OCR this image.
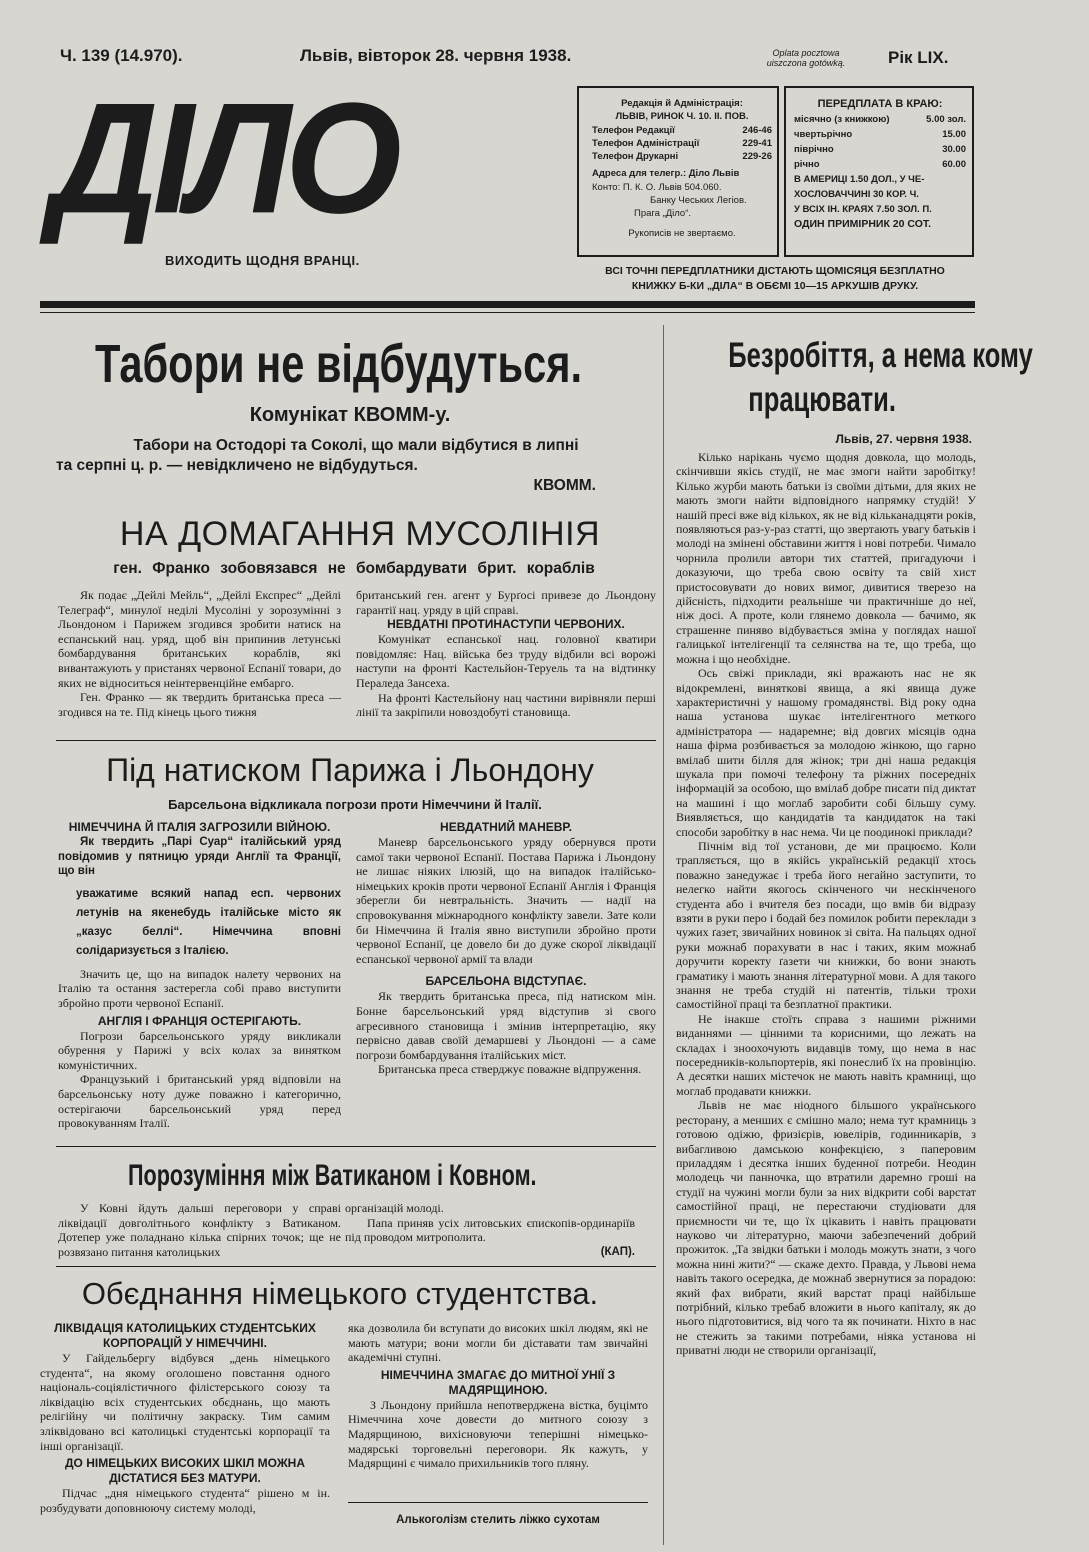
Ч. 139 (14.970).	Львів, вівторок 28. червня 1938.	Oplata pocztowa
uiszczona gotówką.	Рік LIX.
ДІЛО
ВИХОДИТЬ ЩОДНЯ ВРАНЦІ.
Редакція й Адміністрація:
ЛЬВІВ, РИНОК Ч. 10. II. ПОВ.
Телефон Редакції	246-46
Телефон Адміністрації	229-41
Телефон Друкарні	229-26
Адреса для телегр.: Діло Львів
Конто: П. К. О. Львів 504.060.
Банку Чеських Легіов.
Прага „Діло“.
Рукописів не звертаємо.
ПЕРЕДПЛАТА В КРАЮ:
місячно (з книжкою)	5.00 зол.
чвертьрічно	15.00
піврічно	30.00
річно	60.00
В АМЕРИЦІ 1.50 ДОЛ., У ЧЕ-
ХОСЛОВАЧЧИНІ 30 КОР. Ч.
У ВСІХ ІН. КРАЯХ 7.50 ЗОЛ. П.
ОДИН ПРИМІРНИК 20 СОТ.
ВСІ ТОЧНІ ПЕРЕДПЛАТНИКИ ДІСТАЮТЬ ЩОМІСЯЦЯ БЕЗПЛАТНО
КНИЖКУ Б-КИ „ДІЛА“ В ОБЄМІ 10—15 АРКУШІВ ДРУКУ.
Табори не відбудуться.
Комунікат КВОММ-у.
Табори на Остодорі та Соколі, що мали відбутися в липні
та серпні ц. р. — невідкличено не відбудуться.
КВОММ.
НА ДОМАГАННЯ МУСОЛІНІЯ
ген. Франко зобовязався не бомбардувати брит. кораблів

Як подає „Дейлі Мейль“, „Дейлі Експрес“ „Дейлі Телеграф“, минулої неділі Мусоліні у зорозумінні з Льондоном і Парижем згодився зробити натиск на еспанський нац. уряд, щоб він припинив летунські бомбардування британських кораблів, які вивантажують у пристанях червоної Еспанії товари, до яких не відноситься неінтервенційне ембарго.

Ген. Франко — як твердить британська преса — згодився на те. Під кінець цього тижня

британський ген. агент у Бурґосі привезе до Льондону гарантії нац. уряду в цій справі.

НЕВДАТНІ ПРОТИНАСТУПИ ЧЕРВОНИХ.

Комунікат еспанської нац. головної кватири повідомляє: Нац. війська без труду відбили всі ворожі наступи на фронті Кастельйон-Теруель та на відтинку Пераледа Зансеха.

На фронті Кастельйону нац частини вирівняли перші лінії та закріпили новоздобуті становища.

Під натиском Парижа і Льондону
Барсельона відкликала погрози проти Німеччини й Італії.
НІМЕЧЧИНА Й ІТАЛІЯ ЗАГРОЗИЛИ ВІЙНОЮ.

Як твердить „Парі Суар“ італійський уряд повідомив у пятницю уряди Англії та Франції, що він

уважатиме всякий напад есп. червоних летунів на якенебудь італійське місто як „казус беллі“. Німеччина вповні солідаризується з Італією.

Значить це, що на випадок налету червоних на Італію та остання застерегла собі право виступити збройно проти червоної Еспанії.

АНГЛІЯ І ФРАНЦІЯ ОСТЕРІГАЮТЬ.

Погрози барсельонського уряду викликали обурення у Парижі у всіх колах за винятком комуністичних.

Французький і британський уряд відповіли на барсельонську ноту дуже поважно і категорично, остерігаючи барсельонський уряд перед провокуванням Італії.

НЕВДАТНИЙ МАНЕВР.

Маневр барсельонського уряду обернувся проти самої таки червоної Еспанії. Постава Парижа і Льондону не лишає ніяких ілюзій, що на випадок італійсько-німецьких кроків проти червоної Еспанії Англія і Франція зберегли би невтральність. Значить — надії на спровокування міжнародного конфлікту завели. Зате коли би Німеччина й Італія явно виступили збройно проти червоної Еспанії, це довело би до дуже скорої ліквідації еспанської червоної армії та влади

БАРСЕЛЬОНА ВІДСТУПАЄ.

Як твердить британська преса, під натиском мін. Бонне барсельонський уряд відступив зі свого агресивного становища і змінив інтерпретацію, яку первісно давав своїй демаршеві у Льондоні — а саме погрози бомбардування італійських міст.

Британська преса стверджує поважне відпруження.

Порозуміння між Ватиканом і Ковном.

У Ковні йдуть дальші переговори у справі ліквідації довголітнього конфлікту з Ватиканом. Дотепер уже поладнано кілька спірних точок; ще не розвязано питання католицьких

організацій молоді.

Папа приняв усіх литовських єпископів-ординаріїв під проводом митрополита.

(КАП).
Обєднання німецького студентства.
ЛІКВІДАЦІЯ КАТОЛИЦЬКИХ СТУДЕНТСЬКИХ КОРПОРАЦІЙ У НІМЕЧЧИНІ.

У Гайдельбергу відбувся „день німецького студента“, на якому оголошено повстання одного національ-соціялістичного філістерського союзу та ліквідацію всіх студентських обєднань, що мають релігійну чи політичну закраску. Тим самим зліквідовано всі католицькі студентські корпорації та інші організації.

ДО НІМЕЦЬКИХ ВИСОКИХ ШКІЛ МОЖНА ДІСТАТИСЯ БЕЗ МАТУРИ.

Підчас „дня німецького студента“ рішено м ін. розбудувати доповнюючу систему молоді,

яка дозволила би вступати до високих шкіл людям, які не мають матури; вони могли би діставати там звичайні академічні ступні.

НІМЕЧЧИНА ЗМАГАЄ ДО МИТНОЇ УНІЇ З МАДЯРЩИНОЮ.

З Льондону прийшла непотверджена вістка, буцімто Німеччина хоче довести до митного союзу з Мадярщиною, вихісновуючи теперішні німецько-мадярські торговельні переговори. Як кажуть, у Мадярщині є чимало прихильників того пляну.

Алькоголізм стелить ліжко сухотам
Безробіття, а нема кому
працювати.
Львів, 27. червня 1938.

Кілько нарікань чуємо щодня довкола, що молодь, скінчивши якісь студії, не має змоги найти заробітку! Кілько журби мають батьки із своїми дітьми, для яких не мають змоги найти відповідного напрямку студій! У нашій пресі вже від кількох, як не від кільканадцяти років, появляються раз-у-раз статті, що звертають увагу батьків і молоді на змінені обставини життя і нові потреби. Чимало чорнила пролили автори тих статтей, пригадуючи і доказуючи, що треба свою освіту та свій хист пристосовувати до нових вимог, дивитися тверезо на дійсність, підходити реальніше чи практичніше до неї, ніж досі. А проте, коли глянемо довкола — бачимо, як страшенне пиняво відбувається зміна у поглядах нашої галицької інтелігенції та селянства на те, що треба, що можна і що необхідне.

Ось свіжі приклади, які вражають нас не як відокремлені, виняткові явища, а які явища дуже характеристичні у нашому громадянстві. Від року одна наша установа шукає інтелігентного меткого адміністратора — надаремне; від довгих місяців одна наша фірма розбивається за молодою жінкою, що гарно вмілаб шити білля для жінок; три дні наша редакція шукала при помочі телефону та ріжних посередніх інформацій за особою, що вмілаб добре писати під диктат на машині і що моглаб заробити собі більшу суму. Виявляється, що кандидатів та кандидаток на такі способи заробітку в нас нема. Чи це поодинокі приклади?

Пічнім від тої установи, де ми працюємо. Коли трапляється, що в якійсь українській редакції хтось поважно занедужає і треба його негайно заступити, то нелегко найти якогось скінченого чи нескінченого студента або і вчителя без посади, що вмів би відразу взяти в руки перо і бодай без помилок робити переклади з чужих ґазет, звичайних новинок зі світа. На пальцях одної руки можнаб порахувати в нас і таких, яким можнаб доручити коректу ґазети чи книжки, бо вони знають граматику і мають знання літературної мови. А для такого знання не треба студій ні патентів, тільки трохи самостійної праці та безплатної практики.

Не інакше стоїть справа з нашими ріжними виданнями — цінними та корисними, що лежать на складах і зноохочують видавців тому, що нема в нас посередників-кольпортерів, які понеслиб їх на провінцію. А десятки наших містечок не мають навіть крамниці, що моглаб продавати книжки.

Львів не має ніодного більшого українського ресторану, а менших є смішно мало; нема тут крамниць з готовою одіжю, фризієрів, ювелірів, годинникарів, з вибагливою дамською конфекцією, з паперовим приладдям і десятка інших буденної потреби. Неодин молодець чи панночка, що втратили даремно гроші на студії на чужині могли були за них відкрити собі варстат самостійної праці, не перестаючи студіювати для приємности чи те, що їх цікавить і навіть працювати науково чи літературно, маючи забезпечений добрий прожиток. „Та звідки батьки і молодь можуть знати, з чого можна нині жити?“ — скаже дехто. Правда, у Львові нема навіть такого осередка, де можнаб звернутися за порадою: який фах вибрати, який варстат праці найбільше потрібний, кілько требаб вложити в нього капіталу, як до нього підготовитися, від чого та як починати. Ніхто в нас не стежить за такими потребами, ніяка установа ні приватні люди не створили організації,
